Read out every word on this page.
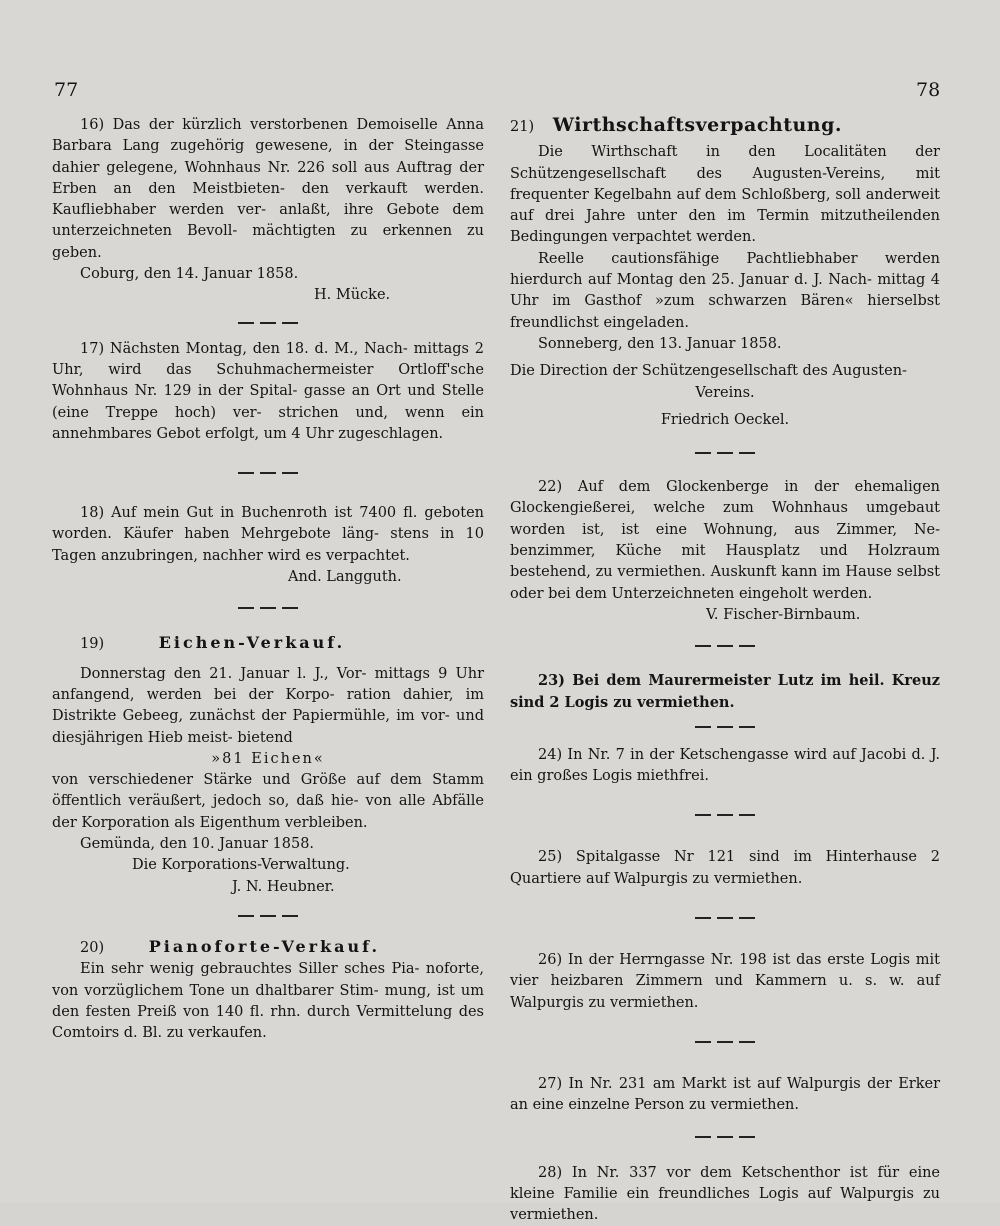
77	78

16) Das der kürzlich verstorbenen Demoiselle Anna Barbara Lang zugehörig gewesene, in der Steingasse dahier gelegene, Wohnhaus Nr. 226 soll aus Auftrag der Erben an den Meistbieten- den verkauft werden. Kaufliebhaber werden ver- anlaßt, ihre Gebote dem unterzeichneten Bevoll- mächtigten zu erkennen zu geben.

Coburg, den 14. Januar 1858.

H. Mücke.

17) Nächsten Montag, den 18. d. M., Nach- mittags 2 Uhr, wird das Schuhmachermeister Ortloff'sche Wohnhaus Nr. 129 in der Spital- gasse an Ort und Stelle (eine Treppe hoch) ver- strichen und, wenn ein annehmbares Gebot erfolgt, um 4 Uhr zugeschlagen.

18) Auf mein Gut in Buchenroth ist 7400 fl. geboten worden. Käufer haben Mehrgebote läng- stens in 10 Tagen anzubringen, nachher wird es verpachtet.

And. Langguth.

19)	Eichen-Verkauf.

Donnerstag den 21. Januar l. J., Vor- mittags 9 Uhr anfangend, werden bei der Korpo- ration dahier, im Distrikte Gebeeg, zunächst der Papiermühle, im vor- und diesjährigen Hieb meist- bietend

»81 Eichen«

von verschiedener Stärke und Größe auf dem Stamm öffentlich veräußert, jedoch so, daß hie- von alle Abfälle der Korporation als Eigenthum verbleiben.

Gemünda, den 10. Januar 1858.

Die Korporations-Verwaltung.

J. N. Heubner.

20)	Pianoforte-Verkauf.

Ein sehr wenig gebrauchtes Siller sches Pia- noforte, von vorzüglichem Tone un dhaltbarer Stim- mung, ist um den festen Preiß von 140 fl. rhn. durch Vermittelung des Comtoirs d. Bl. zu verkaufen.

21) Wirthschaftsverpachtung.

Die Wirthschaft in den Localitäten der Schützengesellschaft des Augusten-Vereins, mit frequenter Kegelbahn auf dem Schloßberg, soll anderweit auf drei Jahre unter den im Termin mitzutheilenden Bedingungen verpachtet werden.

Reelle cautionsfähige Pachtliebhaber werden hierdurch auf Montag den 25. Januar d. J. Nach- mittag 4 Uhr im Gasthof »zum schwarzen Bären« hierselbst freundlichst eingeladen.

Sonneberg, den 13. Januar 1858.

Die Direction der Schützengesellschaft des Augusten-

Vereins.

Friedrich Oeckel.

22) Auf dem Glockenberge in der ehemaligen Glockengießerei, welche zum Wohnhaus umgebaut worden ist, ist eine Wohnung, aus Zimmer, Ne- benzimmer, Küche mit Hausplatz und Holzraum bestehend, zu vermiethen. Auskunft kann im Hause selbst oder bei dem Unterzeichneten eingeholt werden.

V. Fischer-Birnbaum.

23) Bei dem Maurermeister Lutz im heil. Kreuz sind 2 Logis zu vermiethen.

24) In Nr. 7 in der Ketschengasse wird auf Jacobi d. J. ein großes Logis miethfrei.

25) Spitalgasse Nr 121 sind im Hinterhause 2 Quartiere auf Walpurgis zu vermiethen.

26) In der Herrngasse Nr. 198 ist das erste Logis mit vier heizbaren Zimmern und Kammern u. s. w. auf Walpurgis zu vermiethen.

27) In Nr. 231 am Markt ist auf Walpurgis der Erker an eine einzelne Person zu vermiethen.

28) In Nr. 337 vor dem Ketschenthor ist für eine kleine Familie ein freundliches Logis auf Walpurgis zu vermiethen.
